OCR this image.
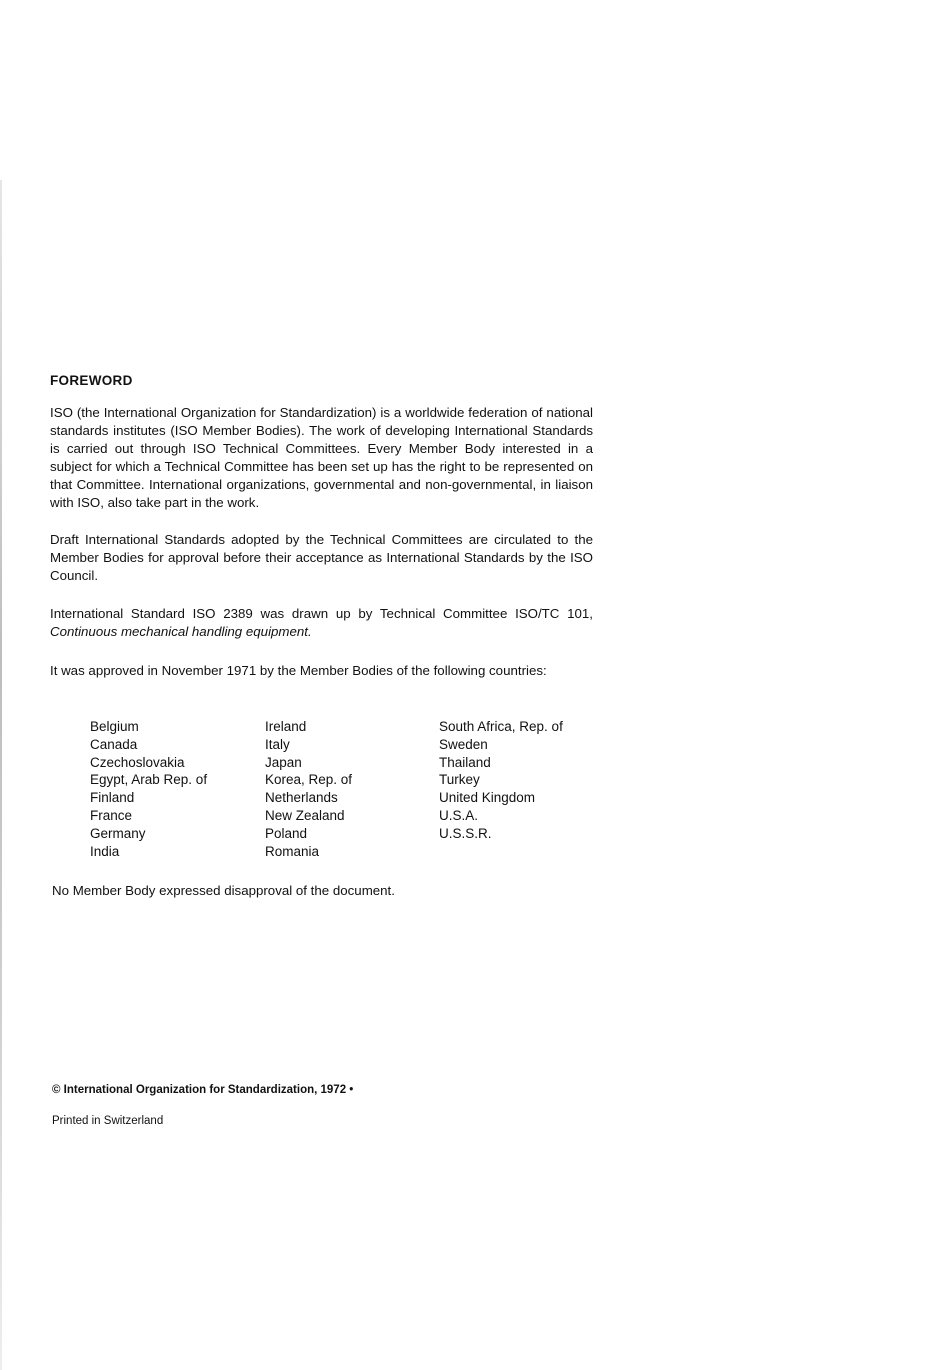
FOREWORD
ISO (the International Organization for Standardization) is a worldwide federation of national standards institutes (ISO Member Bodies). The work of developing International Standards is carried out through ISO Technical Committees. Every Member Body interested in a subject for which a Technical Committee has been set up has the right to be represented on that Committee. International organizations, governmental and non-governmental, in liaison with ISO, also take part in the work.
Draft International Standards adopted by the Technical Committees are circulated to the Member Bodies for approval before their acceptance as International Standards by the ISO Council.
International Standard ISO 2389 was drawn up by Technical Committee ISO/TC 101, Continuous mechanical handling equipment.
It was approved in November 1971 by the Member Bodies of the following countries:
Belgium
Canada
Czechoslovakia
Egypt, Arab Rep. of
Finland
France
Germany
India
Ireland
Italy
Japan
Korea, Rep. of
Netherlands
New Zealand
Poland
Romania
South Africa, Rep. of
Sweden
Thailand
Turkey
United Kingdom
U.S.A.
U.S.S.R.
No Member Body expressed disapproval of the document.
© International Organization for Standardization, 1972 •
Printed in Switzerland
